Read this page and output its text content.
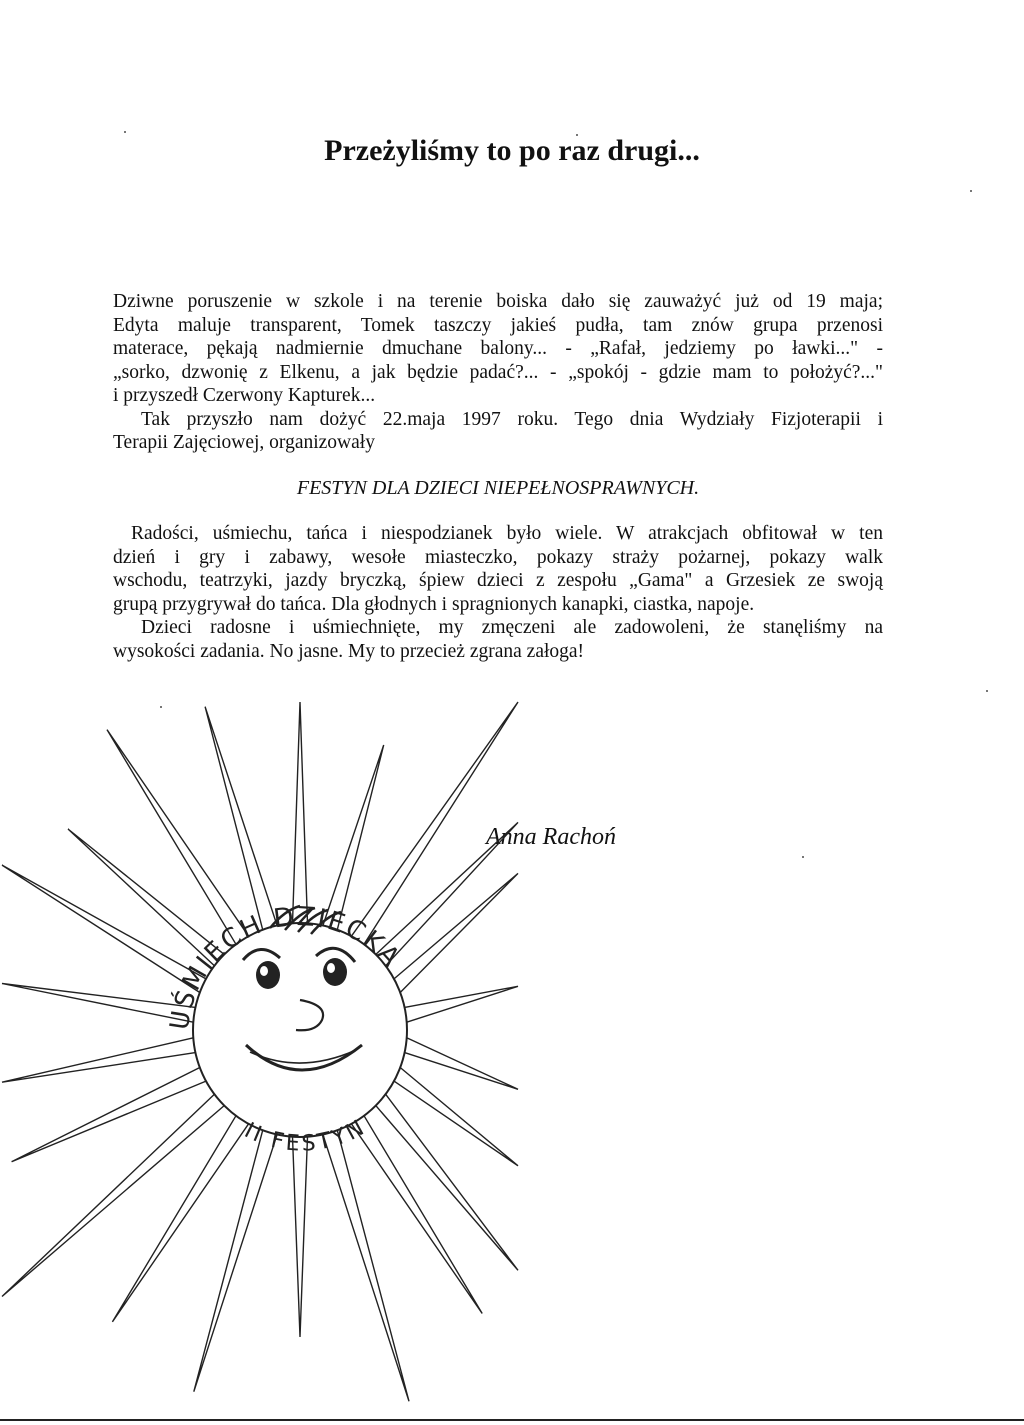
Przeżyliśmy to po raz drugi...

Dziwne poruszenie w szkole i na terenie boiska dało się zauważyć już od 19 maja;
Edyta maluje transparent, Tomek taszczy jakieś pudła, tam znów grupa przenosi
materace, pękają nadmiernie dmuchane balony... - „Rafał, jedziemy po ławki..." -
„sorko, dzwonię z Elkenu, a jak będzie padać?... - „spokój - gdzie mam to położyć?..."
i przyszedł Czerwony Kapturek...

Tak przyszło nam dożyć 22.maja 1997 roku. Tego dnia Wydziały Fizjoterapii i
Terapii Zajęciowej, organizowały

FESTYN DLA DZIECI NIEPEŁNOSPRAWNYCH.

Radości, uśmiechu, tańca i niespodzianek było wiele. W atrakcjach obfitował w ten
dzień i gry i zabawy, wesołe miasteczko, pokazy straży pożarnej, pokazy walk
wschodu, teatrzyki, jazdy bryczką, śpiew dzieci z zespołu „Gama" a Grzesiek ze swoją
grupą przygrywał do tańca. Dla głodnych i spragnionych kanapki, ciastka, napoje.

Dzieci radosne i uśmiechnięte, my zmęczeni ale zadowoleni, że stanęliśmy na
wysokości zadania. No jasne. My to przecież zgrana załoga!

Anna Rachoń
UŚMIECH DZIECKA
II FESTYN
